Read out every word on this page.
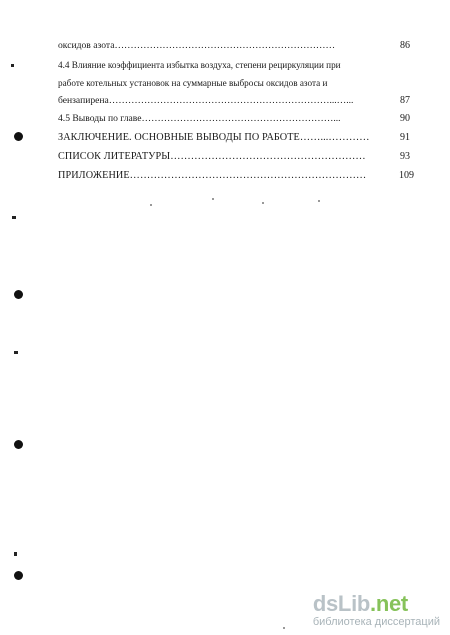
оксидов азота……………………………………………………………	86
4.4 Влияние коэффициента избытка воздуха, степени рециркуляции при
работе котельных установок на суммарные выбросы оксидов азота и
бензапирена……………………………………………………………...…...	87
4.5 Выводы по главе……………………………………………………...	90
ЗАКЛЮЧЕНИЕ. ОСНОВНЫЕ ВЫВОДЫ ПО РАБОТЕ……...…………	91
СПИСОК ЛИТЕРАТУРЫ…………………………………………………	93
ПРИЛОЖЕНИЕ……………………………………………………………	109
dsLib.net
библиотека диссертаций
